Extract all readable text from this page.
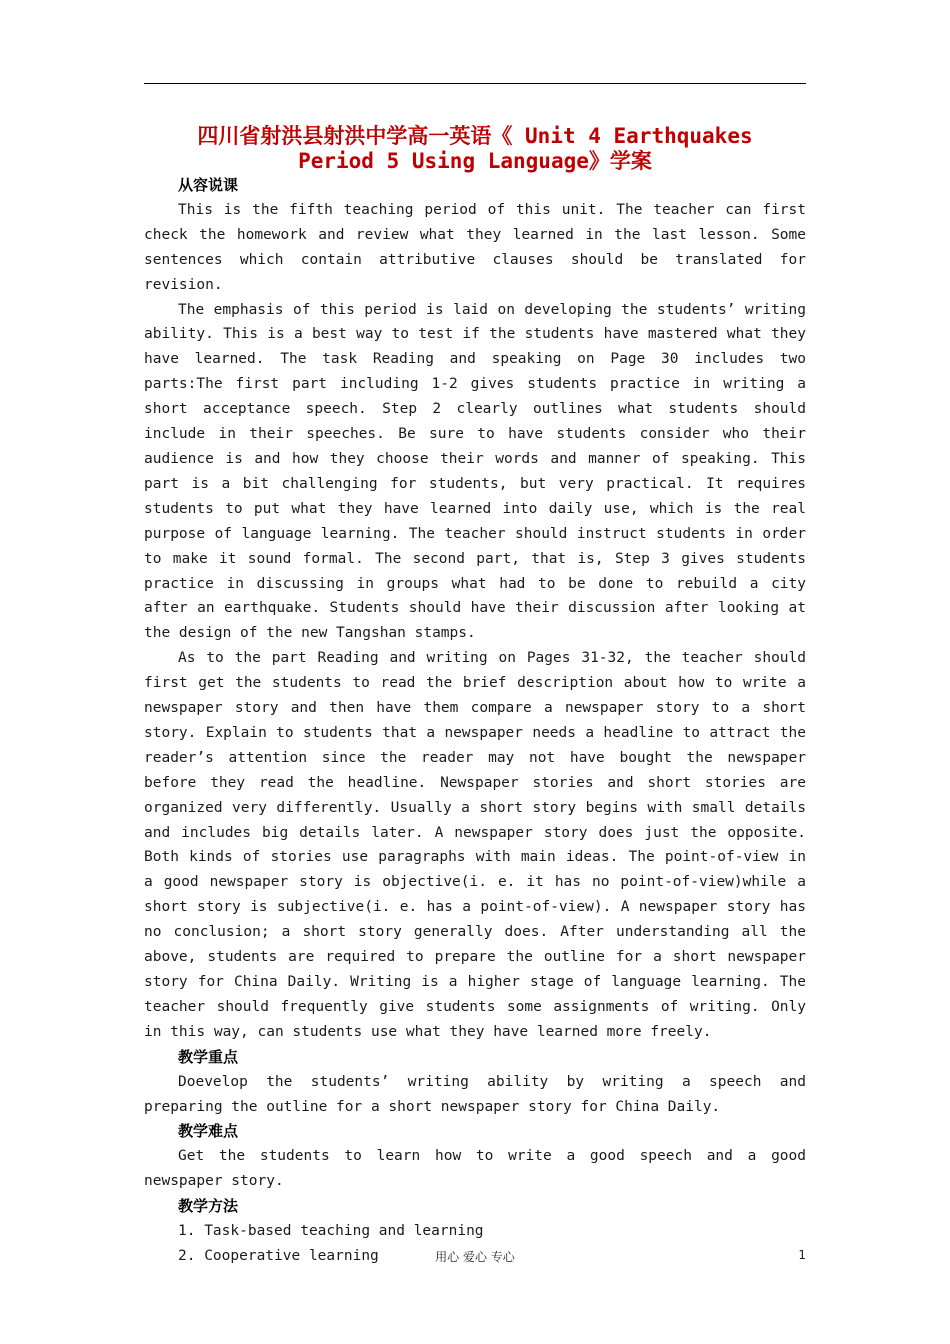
四川省射洪县射洪中学高一英语《 Unit 4 Earthquakes
Period 5 Using Language》学案
从容说课

This is the fifth teaching period of this unit. The teacher can first check the homework and review what they learned in the last lesson. Some sentences which contain attributive clauses should be translated for revision.

The emphasis of this period is laid on developing the students’ writing ability. This is a best way to test if the students have mastered what they have learned. The task Reading and speaking on Page 30 includes two parts:The first part including 1-2 gives students practice in writing a short acceptance speech. Step 2 clearly outlines what students should include in their speeches. Be sure to have students consider who their audience is and how they choose their words and manner of speaking. This part is a bit challenging for students, but very practical. It requires students to put what they have learned into daily use, which is the real purpose of language learning. The teacher should instruct students in order to make it sound formal. The second part, that is, Step 3 gives students practice in discussing in groups what had to be done to rebuild a city after an earthquake. Students should have their discussion after looking at the design of the new Tangshan stamps.

As to the part Reading and writing on Pages 31-32, the teacher should first get the students to read the brief description about how to write a newspaper story and then have them compare a newspaper story to a short story. Explain to students that a newspaper needs a headline to attract the reader’s attention since the reader may not have bought the newspaper before they read the headline. Newspaper stories and short stories are organized very differently. Usually a short story begins with small details and includes big details later. A newspaper story does just the opposite. Both kinds of stories use paragraphs with main ideas. The point-of-view in a good newspaper story is objective(i. e. it has no point-of-view)while a short story is subjective(i. e. has a point-of-view). A newspaper story has no conclusion; a short story generally does. After understanding all the above, students are required to prepare the outline for a short newspaper story for China Daily. Writing is a higher stage of language learning. The teacher should frequently give students some assignments of writing. Only in this way, can students use what they have learned more freely.

教学重点

Doevelop the students’ writing ability by writing a speech and preparing the outline for a short newspaper story for China Daily.

教学难点

Get the students to learn how to write a good speech and a good newspaper story.

教学方法
1. Task-based teaching and learning
2. Cooperative learning	用心 爱心 专心	1
